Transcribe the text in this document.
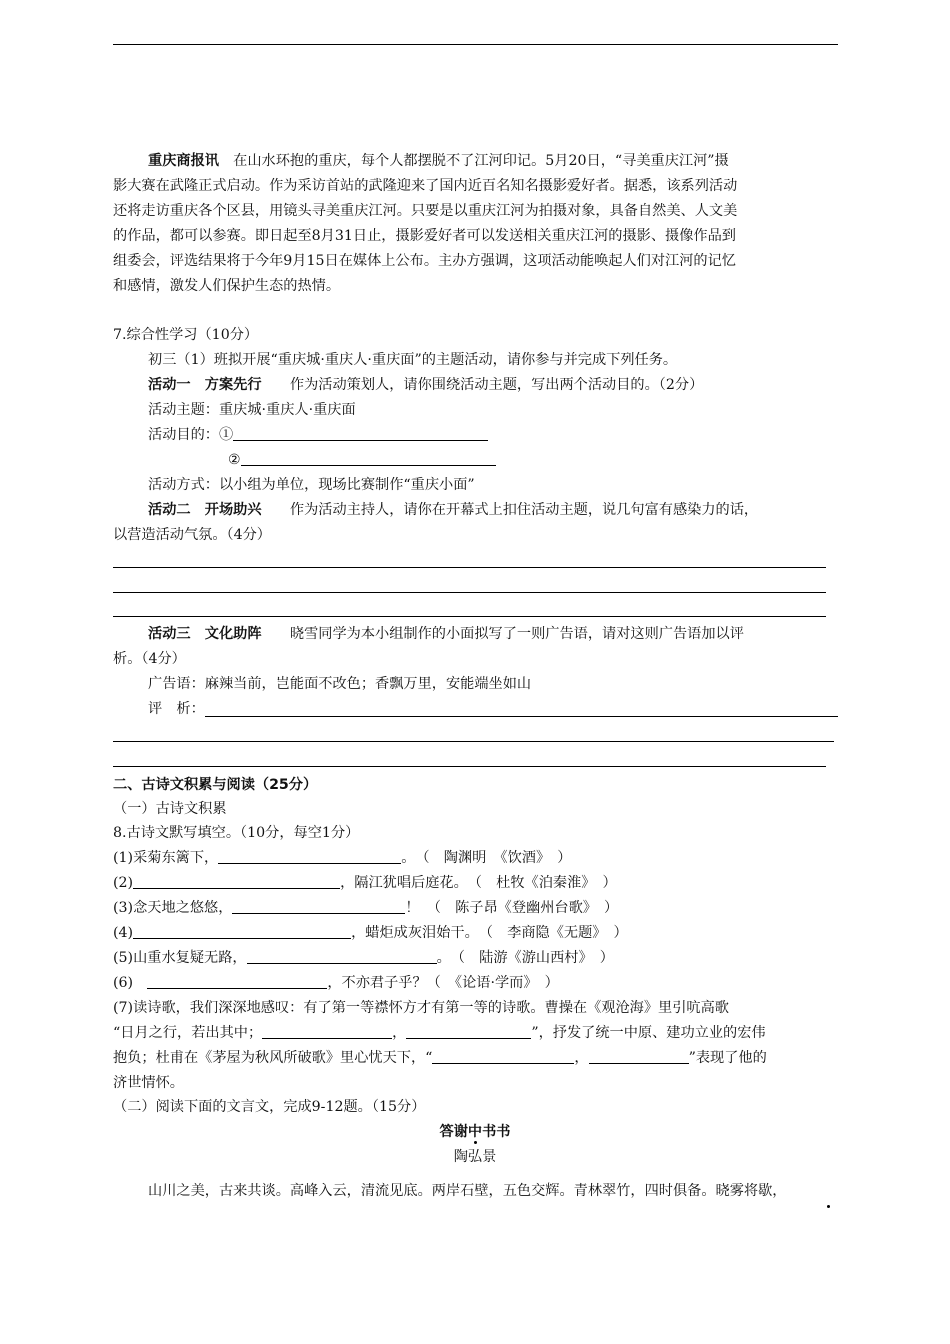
重庆商报讯　 在山水环抱的重庆，每个人都摆脱不了江河印记。5月20日，“寻美重庆江河”摄
影大赛在武隆正式启动。作为采访首站的武隆迎来了国内近百名知名摄影爱好者。据悉，该系列活动
还将走访重庆各个区县，用镜头寻美重庆江河。只要是以重庆江河为拍摄对象，具备自然美、人文美
的作品，都可以参赛。即日起至8月31日止，摄影爱好者可以发送相关重庆江河的摄影、摄像作品到
组委会，评选结果将于今年9月15日在媒体上公布。主办方强调，这项活动能唤起人们对江河的记忆
和感情，激发人们保护生态的热情。
7.综合性学习（10分）
初三（1）班拟开展“重庆城·重庆人·重庆面”的主题活动，请你参与并完成下列任务。
活动一　方案先行　　 作为活动策划人，请你围绕活动主题，写出两个活动目的。（2分）
活动主题：重庆城·重庆人·重庆面
活动目的：①
②
活动方式：以小组为单位，现场比赛制作“重庆小面”
活动二　开场助兴　　 作为活动主持人，请你在开幕式上扣住活动主题，说几句富有感染力的话，
以营造活动气氛。（4分）
活动三　文化助阵　　 晓雪同学为本小组制作的小面拟写了一则广告语，请对这则广告语加以评
析。（4分）
广告语：麻辣当前，岂能面不改色；香飘万里，安能端坐如山
评　析：
二、古诗文积累与阅读（25分）
（一）古诗文积累
8.古诗文默写填空。（10分，每空1分）
(1)采菊东篱下，	。　（　陶渊明　《饮酒》　）
(2)	，隔江犹唱后庭花。　（　杜牧《泊秦淮》　）
(3)念天地之悠悠，	！　（　陈子昂《登幽州台歌》　）
(4)	，蜡炬成灰泪始干。　（　李商隐《无题》　）
(5)山重水复疑无路，	。　（　陆游《游山西村》　）
(6)　	，不亦君子乎？（　《论语·学而》　）
(7)读诗歌，我们深深地感叹：有了第一等襟怀方才有第一等的诗歌。曹操在《观沧海》里引吭高歌
“日月之行，若出其中；	，	”，抒发了统一中原、建功立业的宏伟
抱负；杜甫在《茅屋为秋风所破歌》里心忧天下，“	，	”表现了他的
济世情怀。
（二）阅读下面的文言文，完成9-12题。（15分）
答谢中书书
陶弘景
山川之美，古来共谈。高峰入云，清流见底。两岸石壁，五色交辉。青林翠竹，四时俱备。晓雾将歇，
